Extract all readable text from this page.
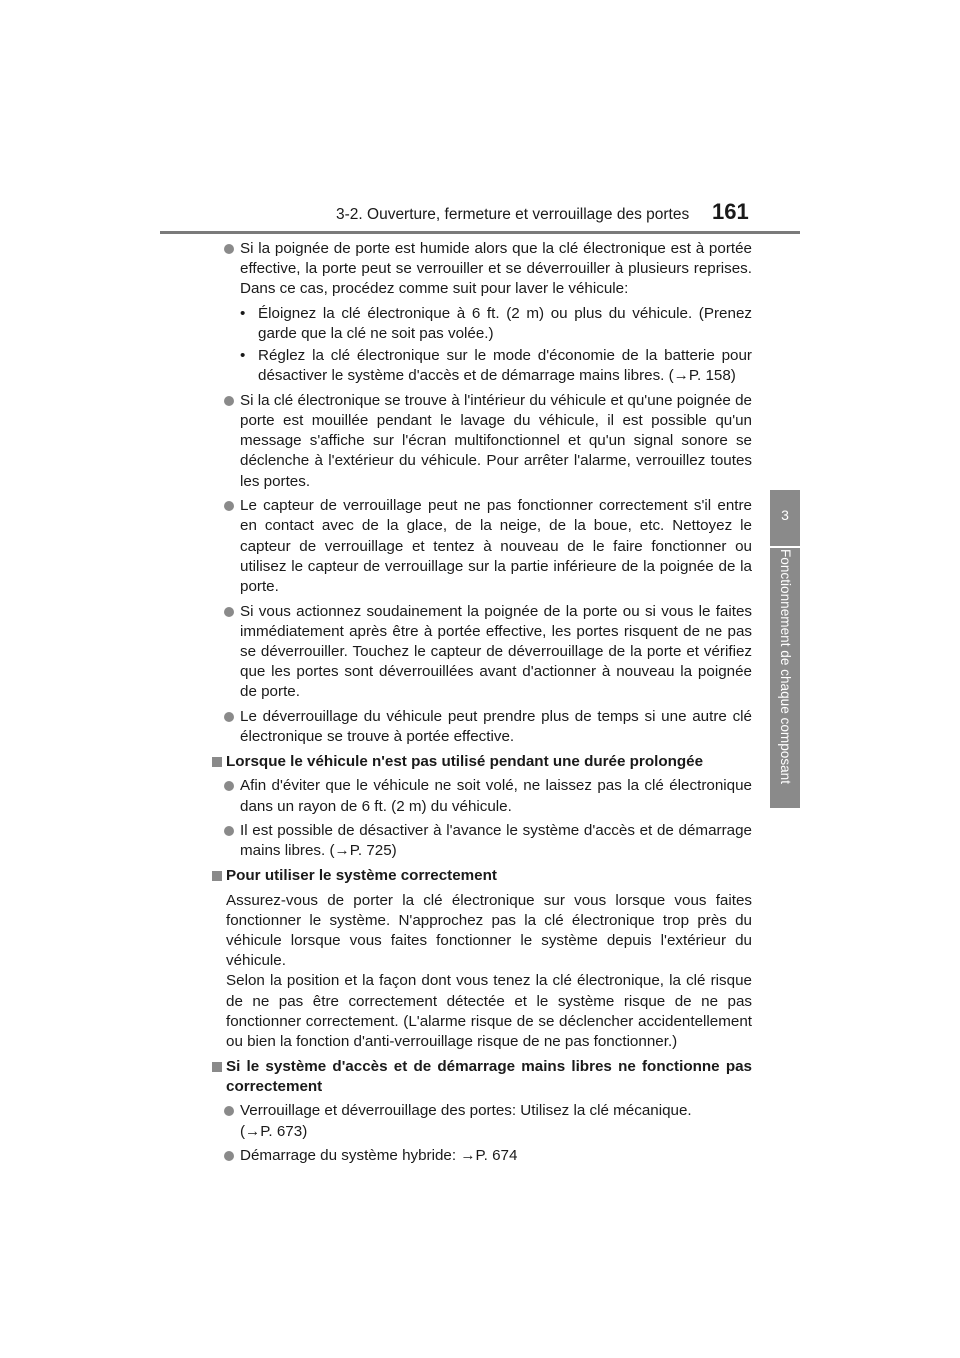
3-2. Ouverture, fermeture et verrouillage des portes 161
3
Fonctionnement de chaque composant
Si la poignée de porte est humide alors que la clé électronique est à portée effective, la porte peut se verrouiller et se déverrouiller à plusieurs reprises. Dans ce cas, procédez comme suit pour laver le véhicule:
• Éloignez la clé électronique à 6 ft. (2 m) ou plus du véhicule. (Prenez garde que la clé ne soit pas volée.)
• Réglez la clé électronique sur le mode d'économie de la batterie pour désactiver le système d'accès et de démarrage mains libres. (→P. 158)
Si la clé électronique se trouve à l'intérieur du véhicule et qu'une poignée de porte est mouillée pendant le lavage du véhicule, il est possible qu'un message s'affiche sur l'écran multifonctionnel et qu'un signal sonore se déclenche à l'extérieur du véhicule. Pour arrêter l'alarme, verrouillez toutes les portes.
Le capteur de verrouillage peut ne pas fonctionner correctement s'il entre en contact avec de la glace, de la neige, de la boue, etc. Nettoyez le capteur de verrouillage et tentez à nouveau de le faire fonctionner ou utilisez le capteur de verrouillage sur la partie inférieure de la poignée de la porte.
Si vous actionnez soudainement la poignée de la porte ou si vous le faites immédiatement après être à portée effective, les portes risquent de ne pas se déverrouiller. Touchez le capteur de déverrouillage de la porte et vérifiez que les portes sont déverrouillées avant d'actionner à nouveau la poignée de porte.
Le déverrouillage du véhicule peut prendre plus de temps si une autre clé électronique se trouve à portée effective.
Lorsque le véhicule n'est pas utilisé pendant une durée prolongée
Afin d'éviter que le véhicule ne soit volé, ne laissez pas la clé électronique dans un rayon de 6 ft. (2 m) du véhicule.
Il est possible de désactiver à l'avance le système d'accès et de démarrage mains libres. (→P. 725)
Pour utiliser le système correctement
Assurez-vous de porter la clé électronique sur vous lorsque vous faites fonctionner le système. N'approchez pas la clé électronique trop près du véhicule lorsque vous faites fonctionner le système depuis l'extérieur du véhicule.
Selon la position et la façon dont vous tenez la clé électronique, la clé risque de ne pas être correctement détectée et le système risque de ne pas fonctionner correctement. (L'alarme risque de se déclencher accidentellement ou bien la fonction d'anti-verrouillage risque de ne pas fonctionner.)
Si le système d'accès et de démarrage mains libres ne fonctionne pas correctement
Verrouillage et déverrouillage des portes: Utilisez la clé mécanique.
(→P. 673)
Démarrage du système hybride: →P. 674
